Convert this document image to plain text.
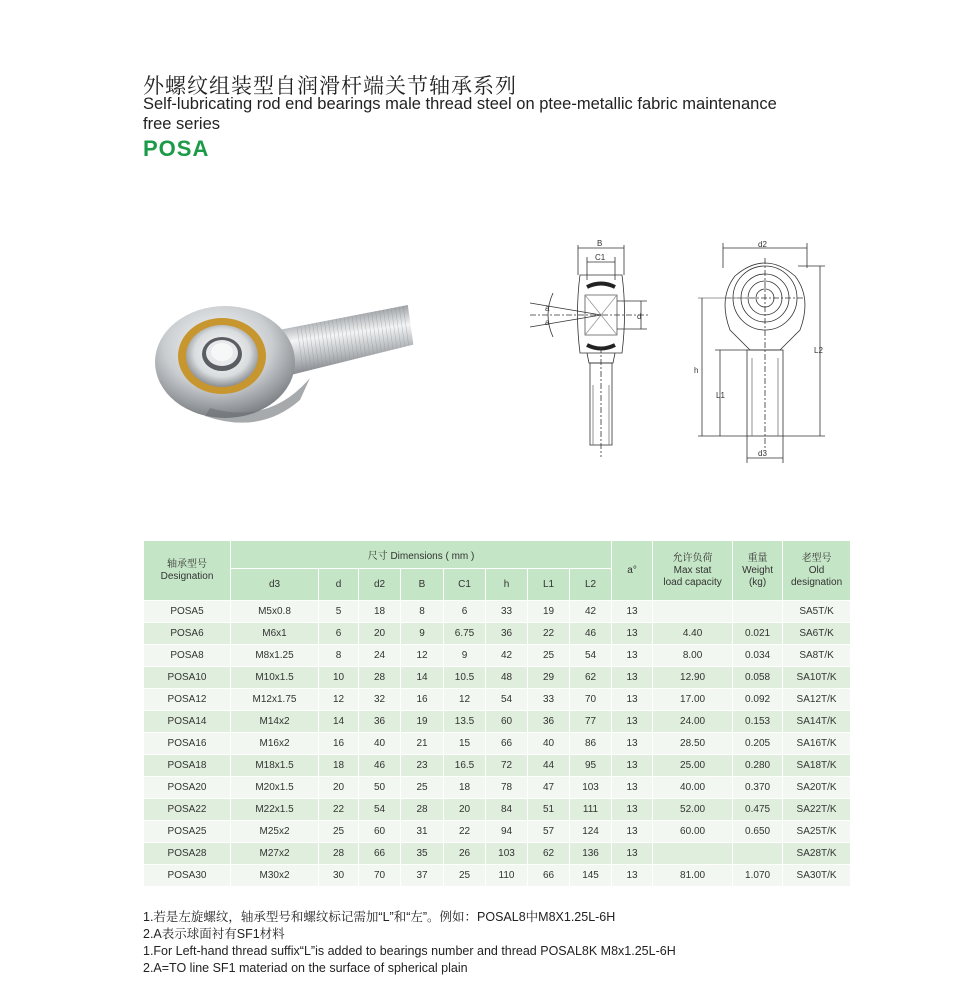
外螺纹组装型自润滑杆端关节轴承系列
Self-lubricating rod end bearings male thread steel on ptee-metallic fabric maintenance free series
POSA
B
C1
a
a
d
d2
h
L1
L2
d3
轴承型号
Designation	尺寸 Dimensions ( mm )								a°	允许负荷
Max stat
load capacity	重量
Weight
(kg)	老型号
Old
designation

	d3	d	d2	B	C1	h	L1	L2				
POSA5	M5x0.8	5	18	8	6	33	19	42	13			SA5T/K
POSA6	M6x1	6	20	9	6.75	36	22	46	13	4.40	0.021	SA6T/K
POSA8	M8x1.25	8	24	12	9	42	25	54	13	8.00	0.034	SA8T/K
POSA10	M10x1.5	10	28	14	10.5	48	29	62	13	12.90	0.058	SA10T/K
POSA12	M12x1.75	12	32	16	12	54	33	70	13	17.00	0.092	SA12T/K
POSA14	M14x2	14	36	19	13.5	60	36	77	13	24.00	0.153	SA14T/K
POSA16	M16x2	16	40	21	15	66	40	86	13	28.50	0.205	SA16T/K
POSA18	M18x1.5	18	46	23	16.5	72	44	95	13	25.00	0.280	SA18T/K
POSA20	M20x1.5	20	50	25	18	78	47	103	13	40.00	0.370	SA20T/K
POSA22	M22x1.5	22	54	28	20	84	51	111	13	52.00	0.475	SA22T/K
POSA25	M25x2	25	60	31	22	94	57	124	13	60.00	0.650	SA25T/K
POSA28	M27x2	28	66	35	26	103	62	136	13			SA28T/K
POSA30	M30x2	30	70	37	25	110	66	145	13	81.00	1.070	SA30T/K
1.若是左旋螺纹，轴承型号和螺纹标记需加“L”和“左”。例如：POSAL8中M8X1.25L-6H
2.A表示球面衬有SF1材料
1.For Left-hand thread suffix“L”is added to bearings number and thread POSAL8K M8x1.25L-6H
2.A=TO line SF1 materiad on the surface of spherical plain
